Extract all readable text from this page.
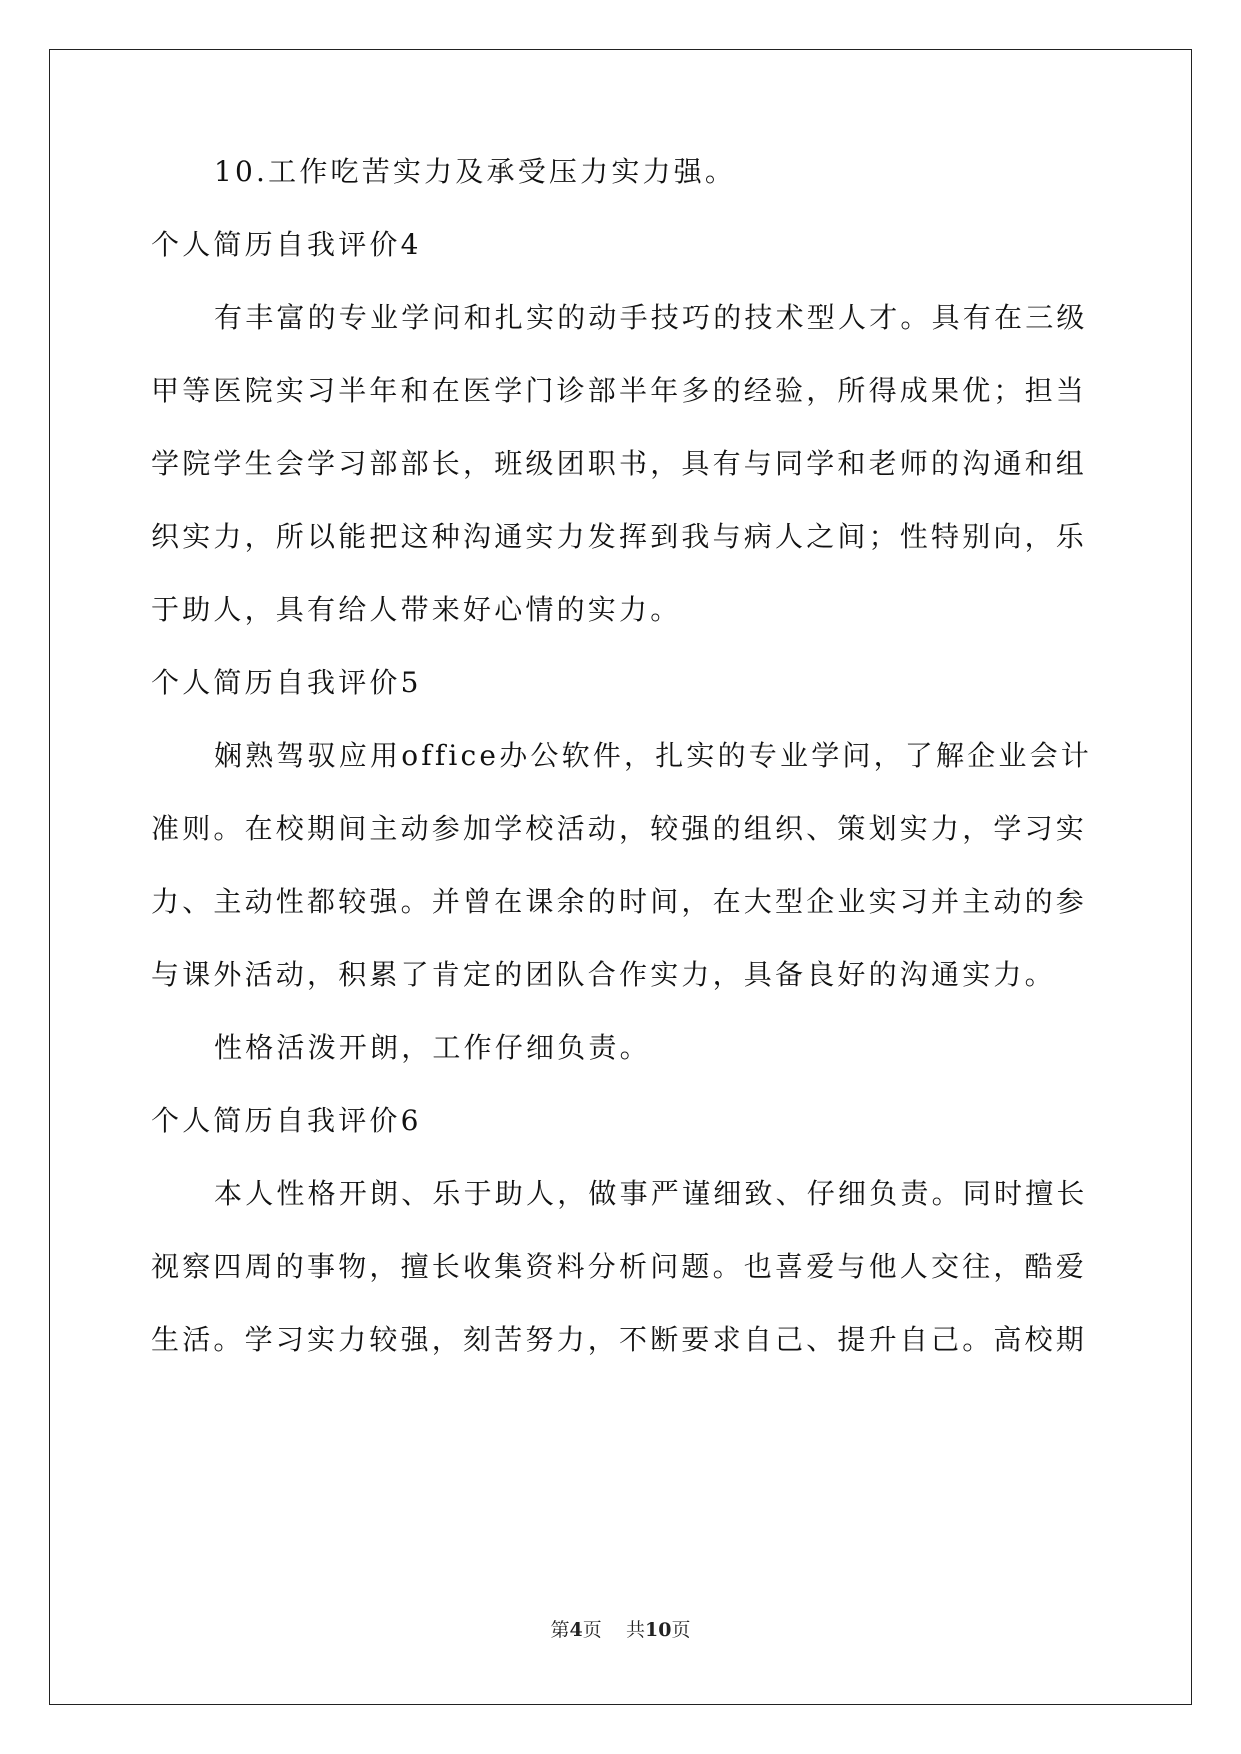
10.工作吃苦实力及承受压力实力强。
个人简历自我评价4
有丰富的专业学问和扎实的动手技巧的技术型人才。具有在三级
甲等医院实习半年和在医学门诊部半年多的经验，所得成果优；担当
学院学生会学习部部长，班级团职书，具有与同学和老师的沟通和组
织实力，所以能把这种沟通实力发挥到我与病人之间；性特别向，乐
于助人，具有给人带来好心情的实力。
个人简历自我评价5
娴熟驾驭应用office办公软件，扎实的专业学问，了解企业会计
准则。在校期间主动参加学校活动，较强的组织、策划实力，学习实
力、主动性都较强。并曾在课余的时间，在大型企业实习并主动的参
与课外活动，积累了肯定的团队合作实力，具备良好的沟通实力。
性格活泼开朗，工作仔细负责。
个人简历自我评价6
本人性格开朗、乐于助人，做事严谨细致、仔细负责。同时擅长
视察四周的事物，擅长收集资料分析问题。也喜爱与他人交往，酷爱
生活。学习实力较强，刻苦努力，不断要求自己、提升自己。高校期
第4页 共10页
